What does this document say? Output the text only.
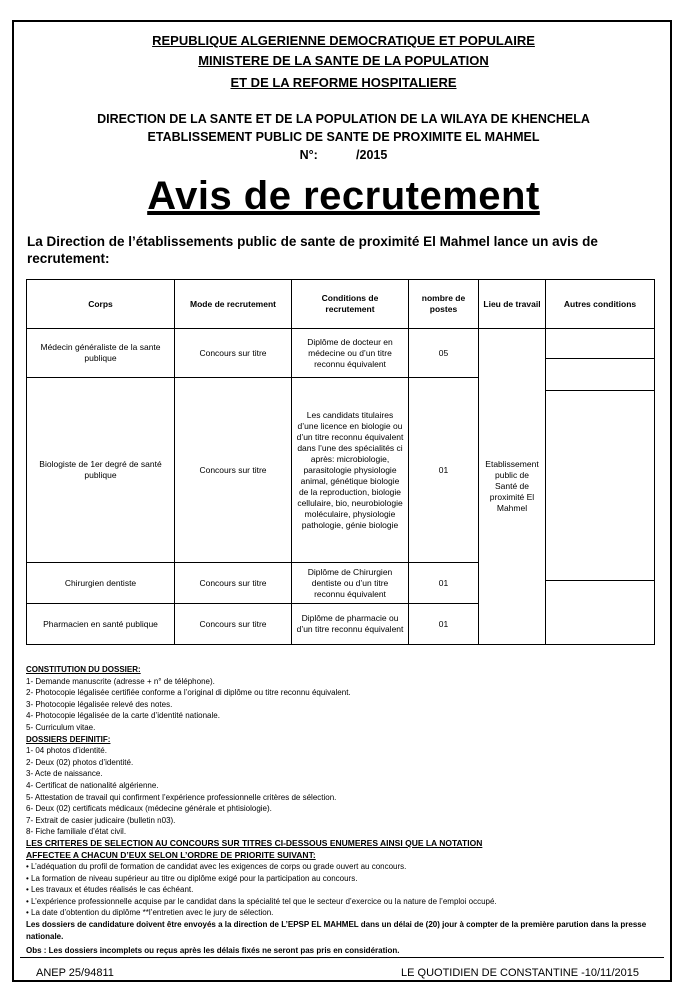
REPUBLIQUE ALGERIENNE DEMOCRATIQUE ET POPULAIRE
MINISTERE DE LA SANTE DE LA POPULATION
ET DE LA REFORME HOSPITALIERE
DIRECTION DE LA SANTE ET DE LA POPULATION DE LA WILAYA DE KHENCHELA
ETABLISSEMENT PUBLIC DE SANTE DE PROXIMITE EL MAHMEL
N°:           /2015
Avis de recrutement
La Direction de l’établissements public de sante de proximité El Mahmel lance un avis de recrutement:
Corps	Mode de recrutement	Conditions de recrutement	nombre de postes	Lieu de travail	Autres conditions
Médecin généraliste de la sante publique	Concours sur titre	Diplôme de docteur en médecine ou d’un titre reconnu équivalent	05	Etablissement public de Santé de proximité El Mahmel	

Biologiste de 1er degré de santé publique	Concours sur titre	Les candidats titulaires d’une licence en biologie ou d’un titre reconnu équivalent dans l’une des spécialités ci après: microbiologie, parasitologie physiologie animal, génétique biologie de la reproduction, biologie cellulaire, bio, neurobiologie moléculaire, physiologie pathologie, génie biologie	01		
Chirurgien dentiste	Concours sur titre	Diplôme de Chirurgien dentiste ou d’un titre reconnu équivalent	01		
Pharmacien en santé publique	Concours sur titre	Diplôme de pharmacie ou d’un titre reconnu équivalent	01		
CONSTITUTION DU DOSSIER:
1- Demande manuscrite (adresse + n° de téléphone).
2- Photocopie légalisée certifiée conforme a l’original di diplôme ou titre reconnu équivalent.
3- Photocopie légalisée relevé des notes.
4- Photocopie légalisée de la carte d’identité nationale.
5- Curriculum vitae.
DOSSIERS DEFINITIF:
1- 04 photos d’identité.
2- Deux (02) photos d’identité.
3- Acte de naissance.
4- Certificat de nationalité algérienne.
5- Attestation de travail qui confirment l’expérience professionnelle critères de sélection.
6- Deux (02) certificats médicaux (médecine générale et phtisiologie).
7- Extrait de casier judicaire (bulletin n03).
8- Fiche familiale d’état civil.
LES CRITERES DE SELECTION AU CONCOURS SUR TITRES CI-DESSOUS ENUMERES AINSI QUE LA NOTATION
AFFECTEE A CHACUN D’EUX SELON L’ORDRE DE PRIORITE SUIVANT:
• L’adéquation du profil de formation de candidat avec les exigences de corps ou grade ouvert au concours.
• La formation de niveau supérieur au titre ou diplôme exigé pour la participation au concours.
• Les travaux et études réalisés le cas échéant.
• L’expérience professionnelle acquise par le candidat dans la spécialité tel que le secteur d’exercice ou la nature de l’emploi occupé.
• La date d’obtention du diplôme **l’entretien avec le jury de sélection.
Les dossiers de candidature doivent être envoyés a la direction de L’EPSP EL MAHMEL dans un délai de (20) jour à compter de la première parution dans la presse nationale.
Obs : Les dossiers incomplets ou reçus après les délais fixés ne seront pas pris en considération.
ANEP 25/94811	LE QUOTIDIEN DE CONSTANTINE -10/11/2015
